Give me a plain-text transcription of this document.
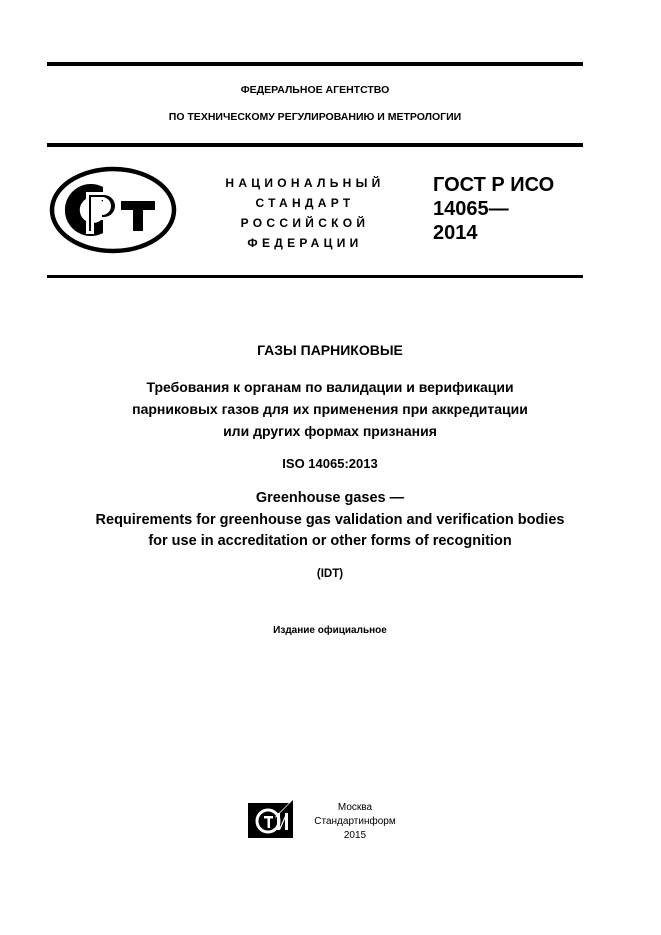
ФЕДЕРАЛЬНОЕ АГЕНТСТВО
ПО ТЕХНИЧЕСКОМУ РЕГУЛИРОВАНИЮ И МЕТРОЛОГИИ
НАЦИОНАЛЬНЫЙ
СТАНДАРТ
РОССИЙСКОЙ
ФЕДЕРАЦИИ
ГОСТ Р ИСО
14065—
2014
ГАЗЫ ПАРНИКОВЫЕ
Требования к органам по валидации и верификации
парниковых газов для их применения при аккредитации
или других формах признания
ISO 14065:2013
Greenhouse gases —
Requirements for greenhouse gas validation and verification bodies
for use in accreditation or other forms of recognition
(IDT)
Издание официальное
Москва
Стандартинформ
2015
